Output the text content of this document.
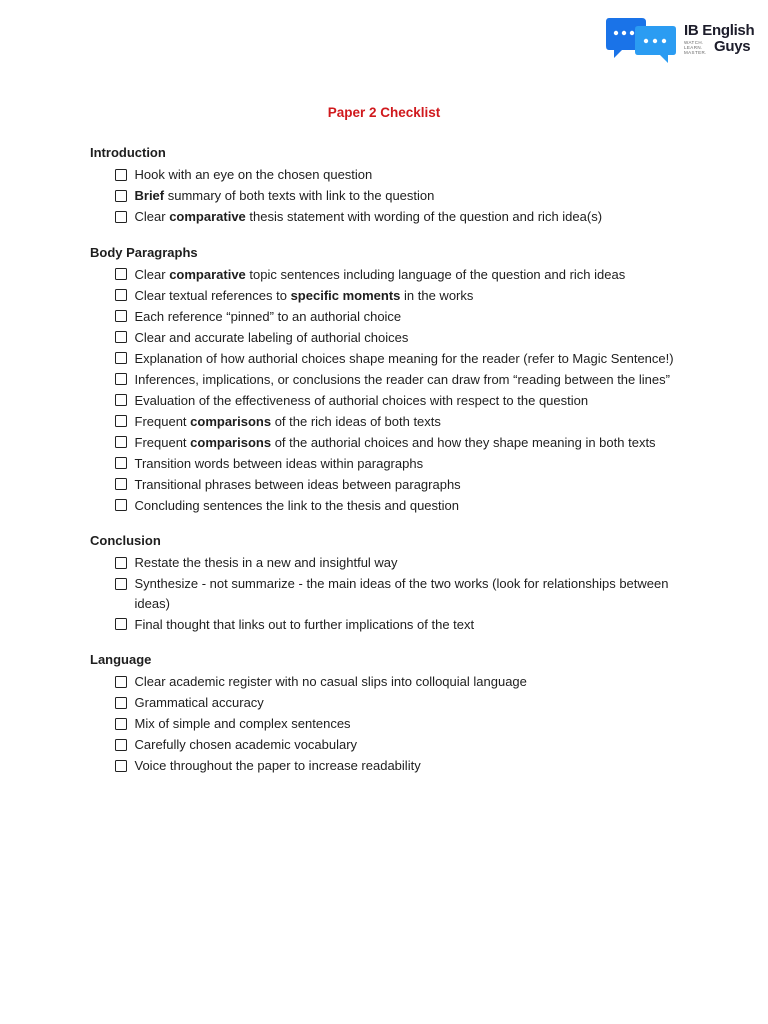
IB English
WATCH.
LEARN.
MASTER. Guys
Paper 2 Checklist
Introduction
Hook with an eye on the chosen question
Brief summary of both texts with link to the question
Clear comparative thesis statement with wording of the question and rich idea(s)
Body Paragraphs
Clear comparative topic sentences including language of the question and rich ideas
Clear textual references to specific moments in the works
Each reference “pinned” to an authorial choice
Clear and accurate labeling of authorial choices
Explanation of how authorial choices shape meaning for the reader (refer to Magic Sentence!)
Inferences, implications, or conclusions the reader can draw from “reading between the lines”
Evaluation of the effectiveness of authorial choices with respect to the question
Frequent comparisons of the rich ideas of both texts
Frequent comparisons of the authorial choices and how they shape meaning in both texts
Transition words between ideas within paragraphs
Transitional phrases between ideas between paragraphs
Concluding sentences the link to the thesis and question
Conclusion
Restate the thesis in a new and insightful way
Synthesize - not summarize - the main ideas of the two works (look for relationships between ideas)
Final thought that links out to further implications of the text
Language
Clear academic register with no casual slips into colloquial language
Grammatical accuracy
Mix of simple and complex sentences
Carefully chosen academic vocabulary
Voice throughout the paper to increase readability
